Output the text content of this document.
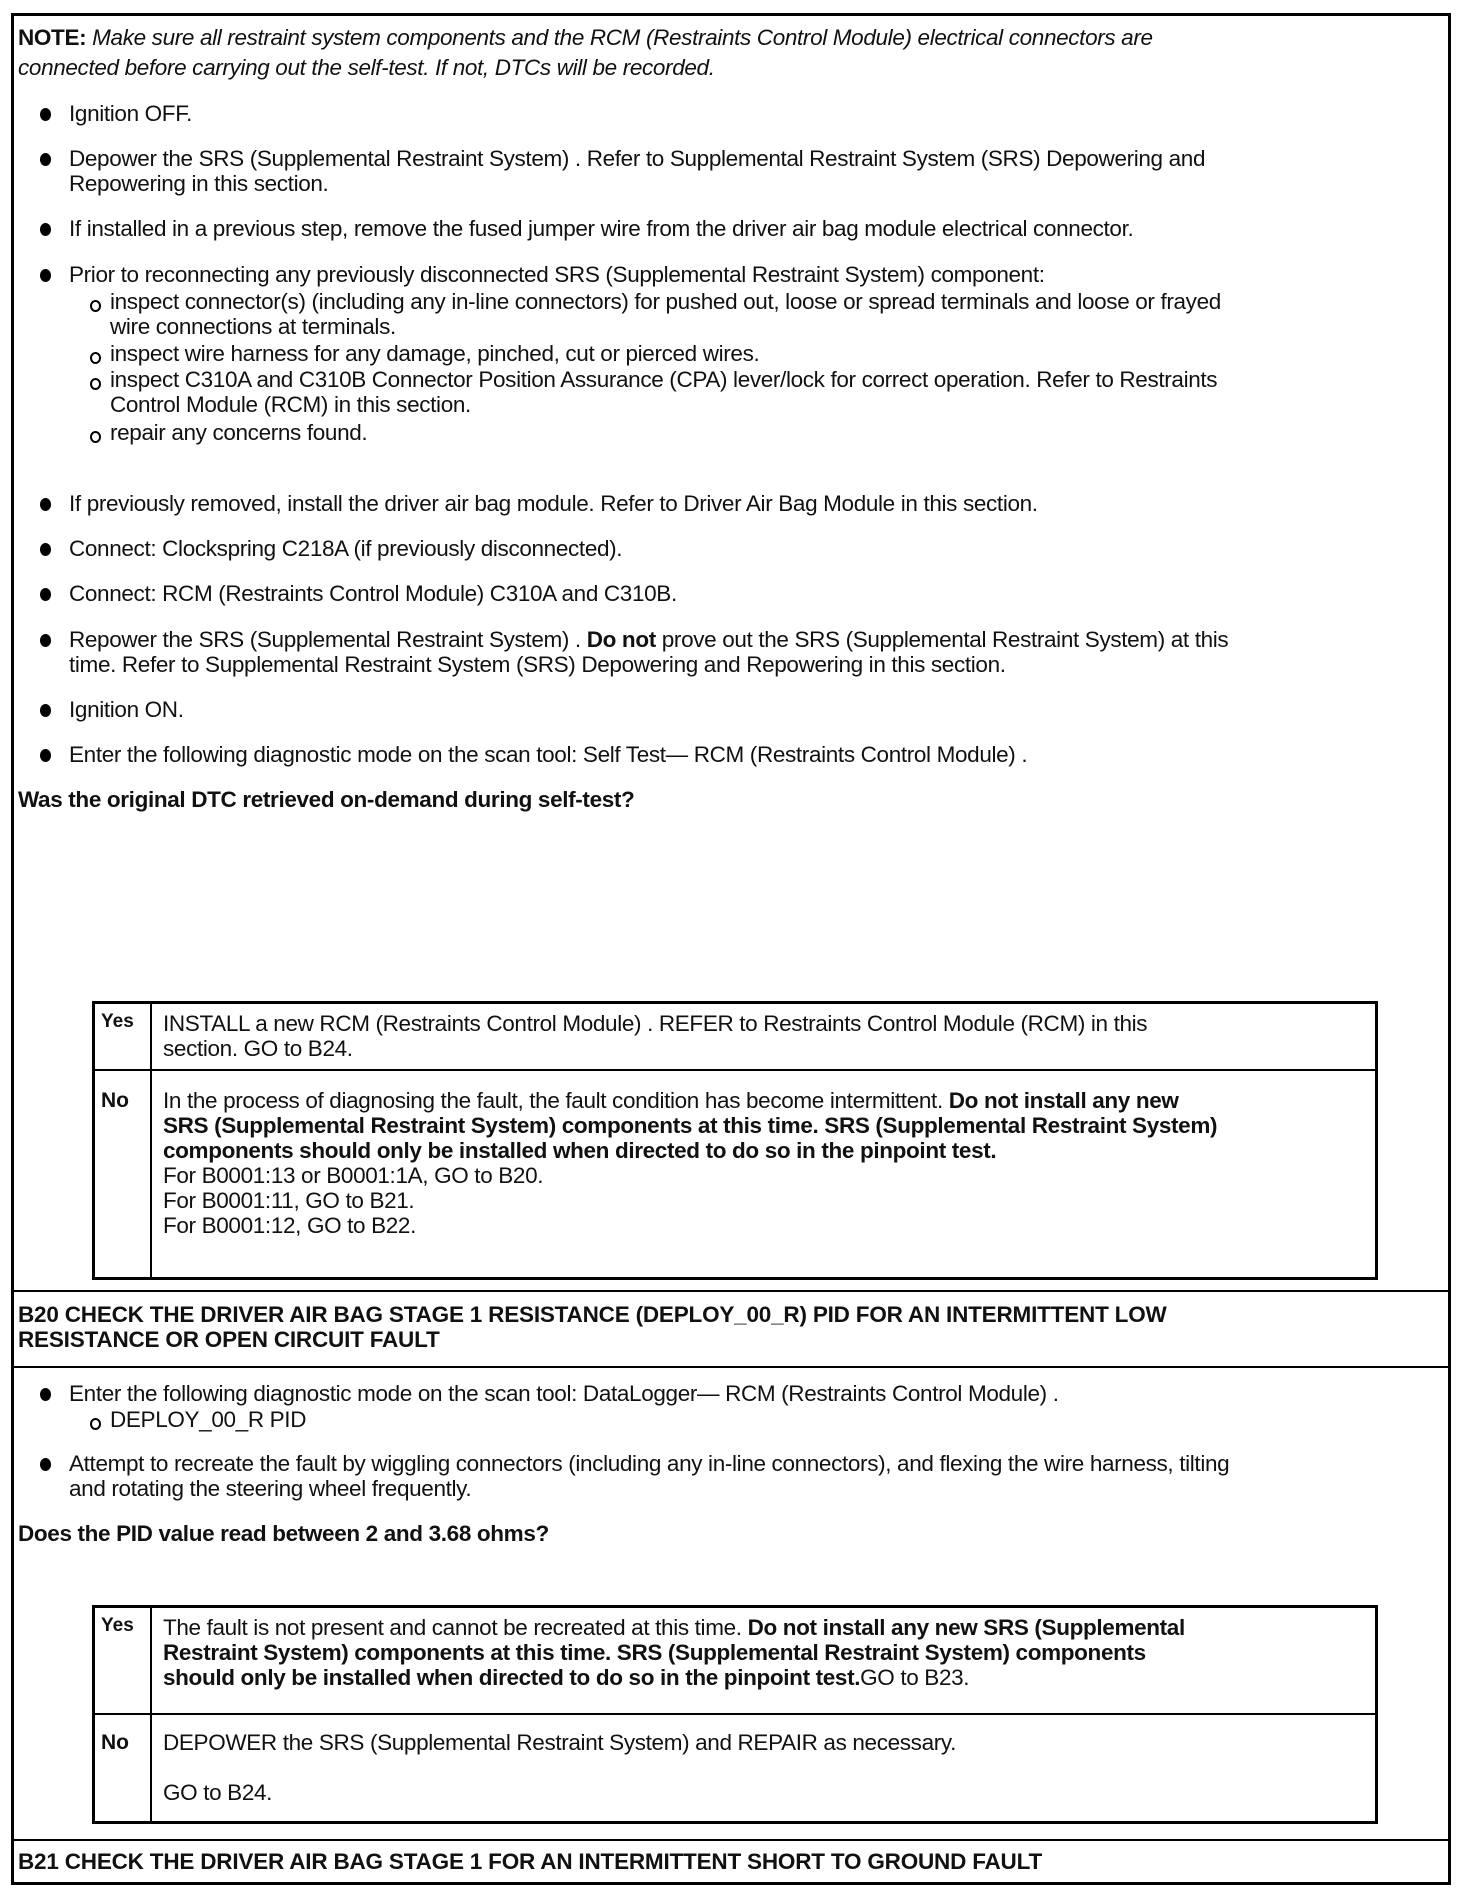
NOTE: Make sure all restraint system components and the RCM (Restraints Control Module) electrical connectors are
connected before carrying out the self-test. If not, DTCs will be recorded.
Ignition OFF.
Depower the SRS (Supplemental Restraint System) . Refer to Supplemental Restraint System (SRS) Depowering and
Repowering in this section.
If installed in a previous step, remove the fused jumper wire from the driver air bag module electrical connector.
Prior to reconnecting any previously disconnected SRS (Supplemental Restraint System) component:
inspect connector(s) (including any in-line connectors) for pushed out, loose or spread terminals and loose or frayed
wire connections at terminals.
inspect wire harness for any damage, pinched, cut or pierced wires.
inspect C310A and C310B Connector Position Assurance (CPA) lever/lock for correct operation. Refer to Restraints
Control Module (RCM) in this section.
repair any concerns found.
If previously removed, install the driver air bag module. Refer to Driver Air Bag Module in this section.
Connect: Clockspring C218A (if previously disconnected).
Connect: RCM (Restraints Control Module) C310A and C310B.
Repower the SRS (Supplemental Restraint System) . Do not prove out the SRS (Supplemental Restraint System) at this
time. Refer to Supplemental Restraint System (SRS) Depowering and Repowering in this section.
Ignition ON.
Enter the following diagnostic mode on the scan tool: Self Test— RCM (Restraints Control Module) .
Was the original DTC retrieved on-demand during self-test?
Yes INSTALL a new RCM (Restraints Control Module) . REFER to Restraints Control Module (RCM) in this
section. GO to B24.
No In the process of diagnosing the fault, the fault condition has become intermittent. Do not install any new
SRS (Supplemental Restraint System) components at this time. SRS (Supplemental Restraint System)
components should only be installed when directed to do so in the pinpoint test.
For B0001:13 or B0001:1A, GO to B20.
For B0001:11, GO to B21.
For B0001:12, GO to B22.
B20 CHECK THE DRIVER AIR BAG STAGE 1 RESISTANCE (DEPLOY_00_R) PID FOR AN INTERMITTENT LOW
RESISTANCE OR OPEN CIRCUIT FAULT
Enter the following diagnostic mode on the scan tool: DataLogger— RCM (Restraints Control Module) .
DEPLOY_00_R PID
Attempt to recreate the fault by wiggling connectors (including any in-line connectors), and flexing the wire harness, tilting
and rotating the steering wheel frequently.
Does the PID value read between 2 and 3.68 ohms?
Yes The fault is not present and cannot be recreated at this time. Do not install any new SRS (Supplemental
Restraint System) components at this time. SRS (Supplemental Restraint System) components
should only be installed when directed to do so in the pinpoint test.GO to B23.
No DEPOWER the SRS (Supplemental Restraint System) and REPAIR as necessary.
GO to B24.
B21 CHECK THE DRIVER AIR BAG STAGE 1 FOR AN INTERMITTENT SHORT TO GROUND FAULT
